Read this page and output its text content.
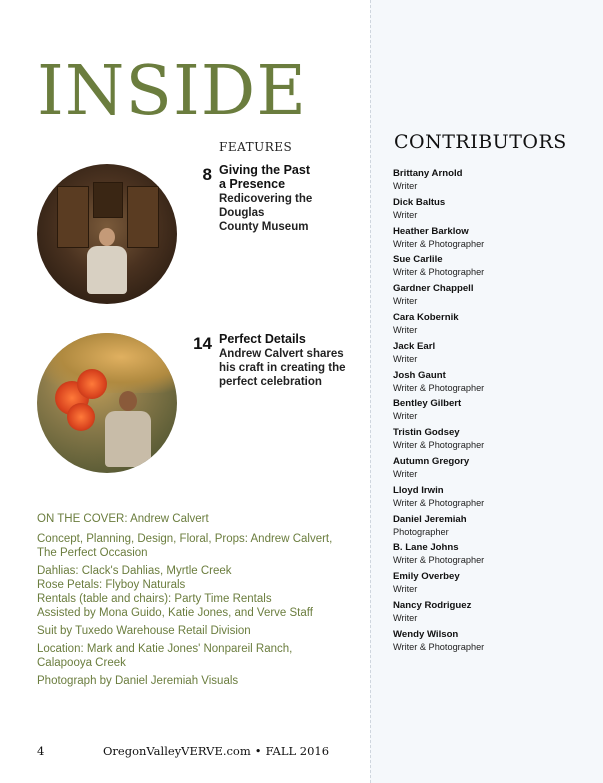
INSIDE
FEATURES
8 Giving the Past
a Presence
Redicovering the Douglas
County Museum
14 Perfect Details
Andrew Calvert shares
his craft in creating the
perfect celebration

ON THE COVER: Andrew Calvert

Concept, Planning, Design, Floral, Props: Andrew Calvert,

The Perfect Occasion

Dahlias: Clack's Dahlias, Myrtle Creek

Rose Petals: Flyboy Naturals

Rentals (table and chairs): Party Time Rentals

Assisted by Mona Guido, Katie Jones, and Verve Staff

Suit by Tuxedo Warehouse Retail Division

Location: Mark and Katie Jones' Nonpareil Ranch,

Calapooya Creek

Photograph by Daniel Jeremiah Visuals

4	OregonValleyVERVE.com • FALL 2016
CONTRIBUTORS
Brittany Arnold
Writer
Dick Baltus
Writer
Heather Barklow
Writer & Photographer
Sue Carlile
Writer & Photographer
Gardner Chappell
Writer
Cara Kobernik
Writer
Jack Earl
Writer
Josh Gaunt
Writer & Photographer
Bentley Gilbert
Writer
Tristin Godsey
Writer & Photographer
Autumn Gregory
Writer
Lloyd Irwin
Writer & Photographer
Daniel Jeremiah
Photographer
B. Lane Johns
Writer & Photographer
Emily Overbey
Writer
Nancy Rodriguez
Writer
Wendy Wilson
Writer & Photographer
